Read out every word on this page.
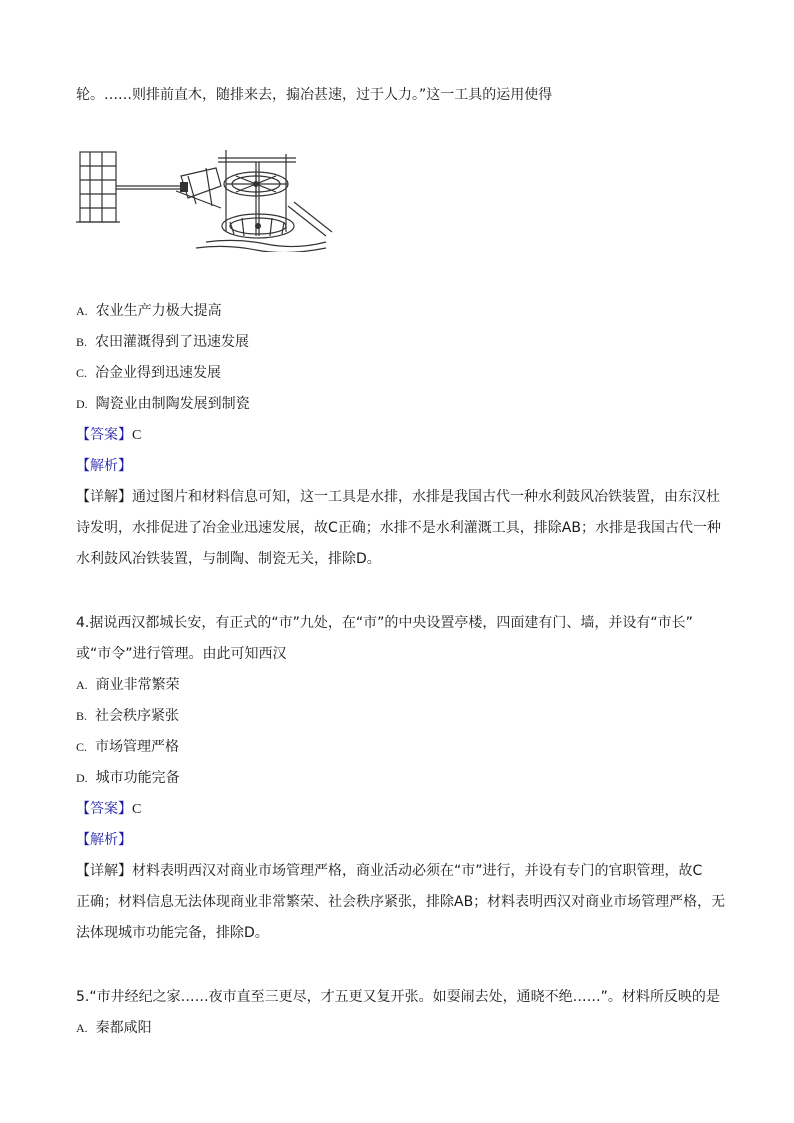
轮。……则排前直木，随排来去，搧冶甚速，过于人力。”这一工具的运用使得
A. 农业生产力极大提高
B. 农田灌溉得到了迅速发展
C. 冶金业得到迅速发展
D. 陶瓷业由制陶发展到制瓷
【答案】C
【解析】
【详解】通过图片和材料信息可知，这一工具是水排，水排是我国古代一种水利鼓风冶铁装置，由东汉杜
诗发明，水排促进了冶金业迅速发展，故C正确；水排不是水利灌溉工具，排除AB；水排是我国古代一种
水利鼓风冶铁装置，与制陶、制瓷无关，排除D。
4.据说西汉都城长安，有正式的“市”九处，在“市”的中央设置亭楼，四面建有门、墙，并设有“市长”
或“市令”进行管理。由此可知西汉
A. 商业非常繁荣
B. 社会秩序紧张
C. 市场管理严格
D. 城市功能完备
【答案】C
【解析】
【详解】材料表明西汉对商业市场管理严格，商业活动必须在“市”进行，并设有专门的官职管理，故C
正确；材料信息无法体现商业非常繁荣、社会秩序紧张，排除AB；材料表明西汉对商业市场管理严格，无
法体现城市功能完备，排除D。
5.“市井经纪之家……夜市直至三更尽，才五更又复开张。如耍闹去处，通晓不绝……”。材料所反映的是
A. 秦都咸阳
